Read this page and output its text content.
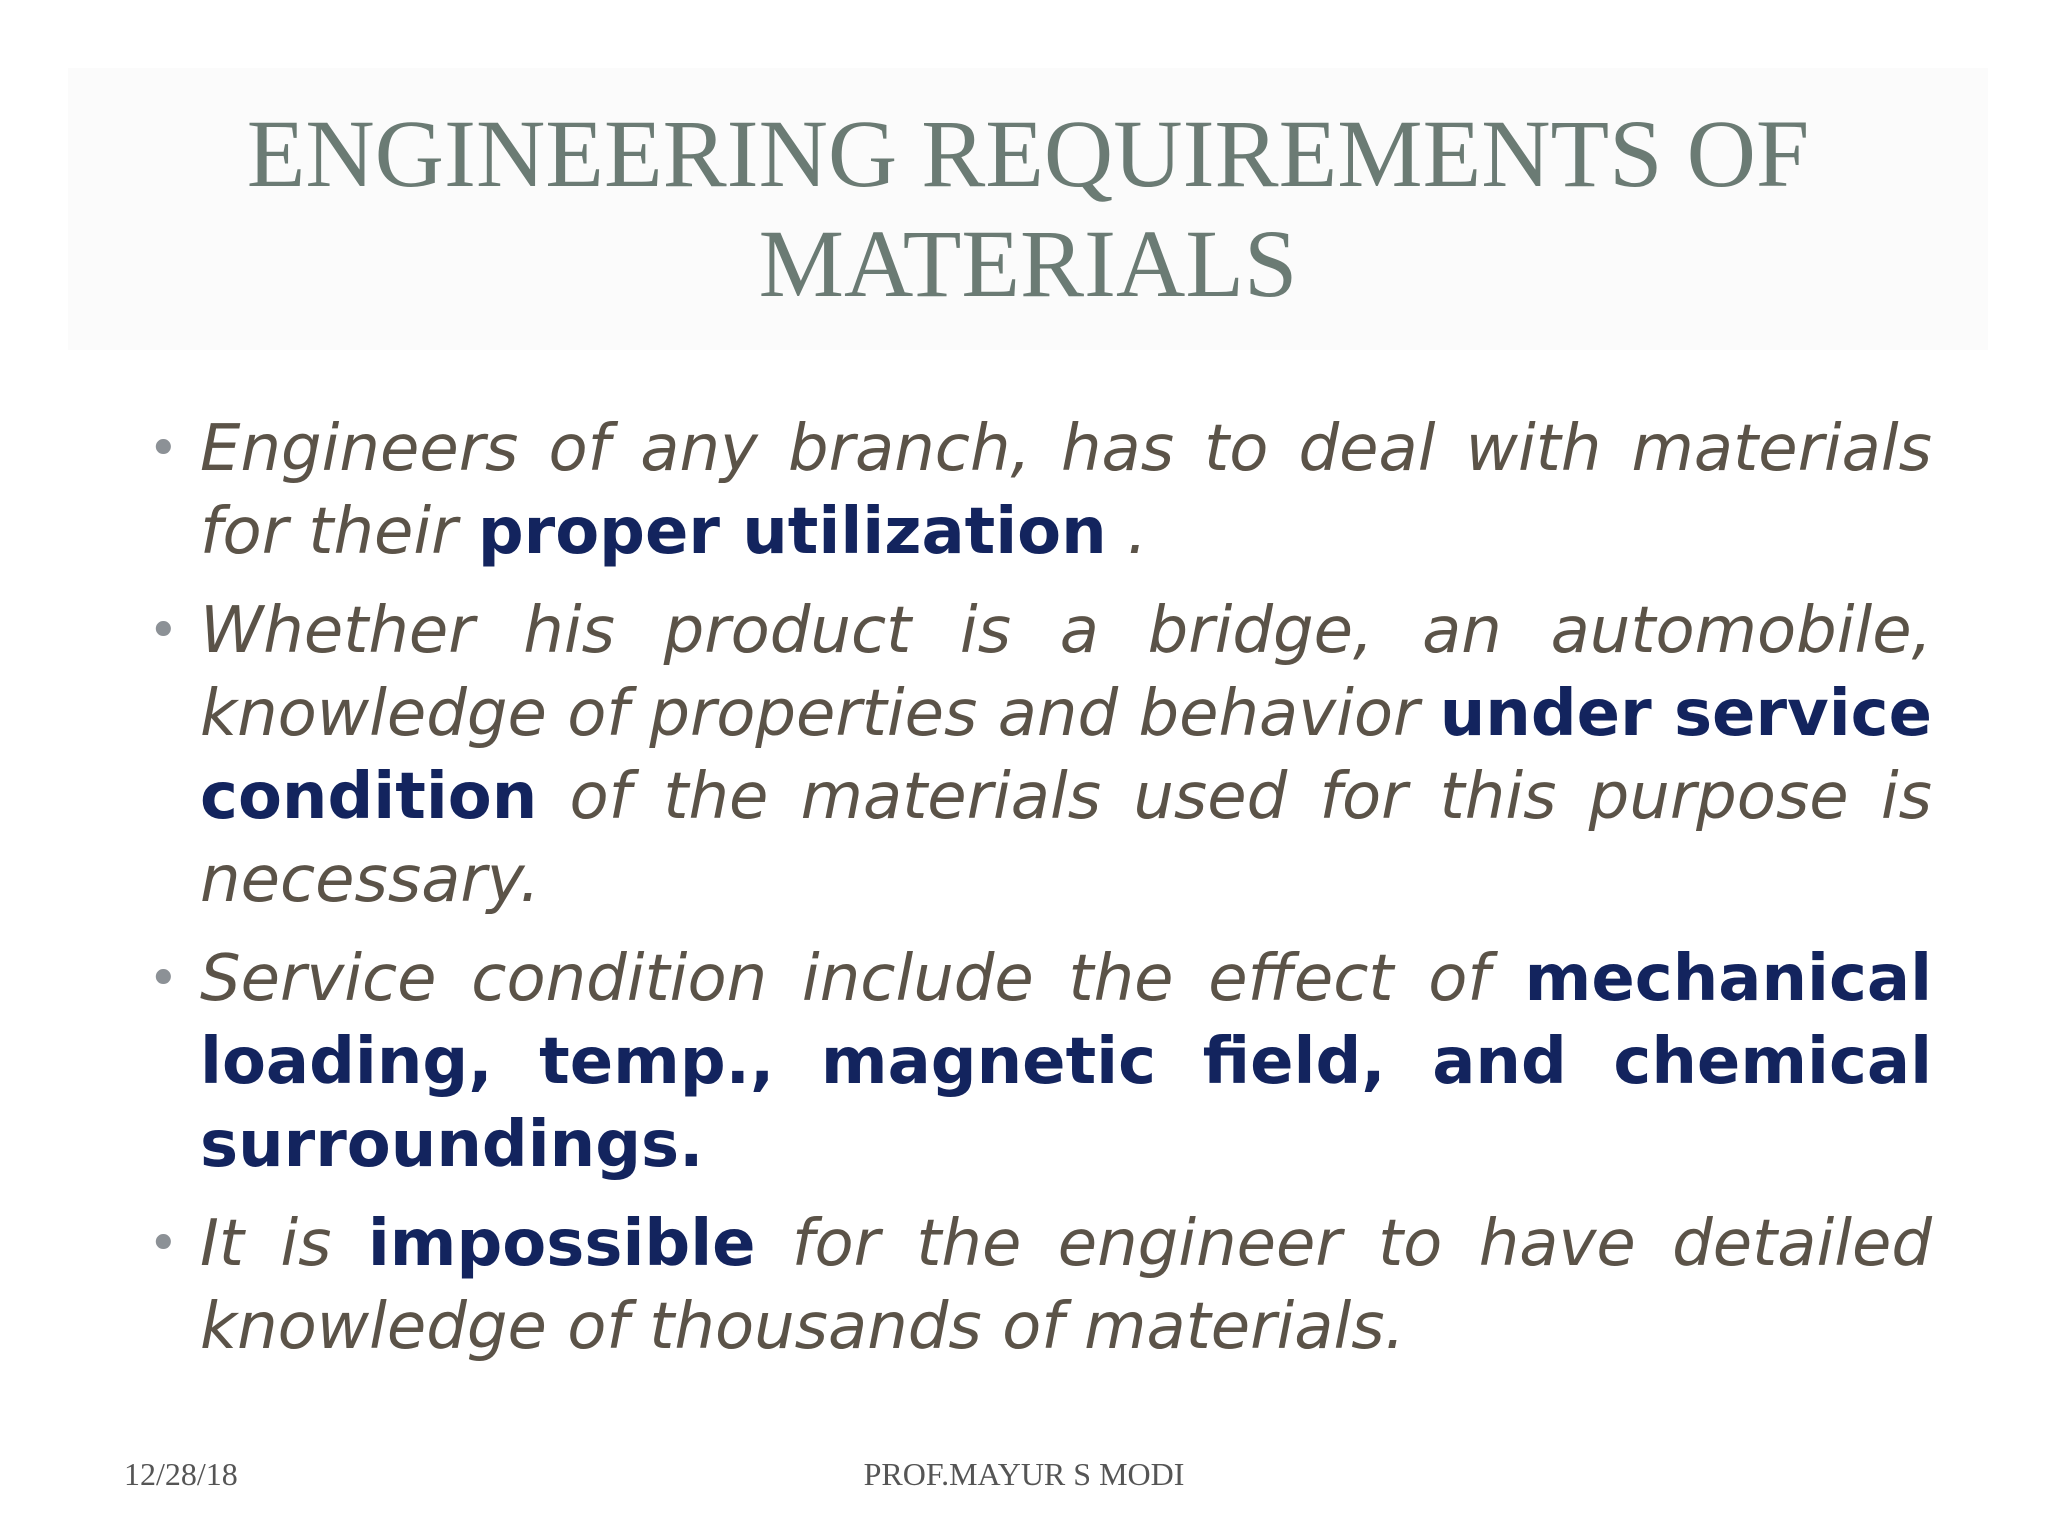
ENGINEERING REQUIREMENTS OF
MATERIALS
• Engineers of any branch, has to deal with materials for their proper utilization .
• Whether his product is a bridge, an automobile, knowledge of properties and behavior under service condition of the materials used for this purpose is necessary.
• Service condition include the effect of mechanical loading, temp., magnetic field, and chemical surroundings.
• It is impossible for the engineer to have detailed knowledge of thousands of materials.
12/28/18	PROF.MAYUR S MODI
